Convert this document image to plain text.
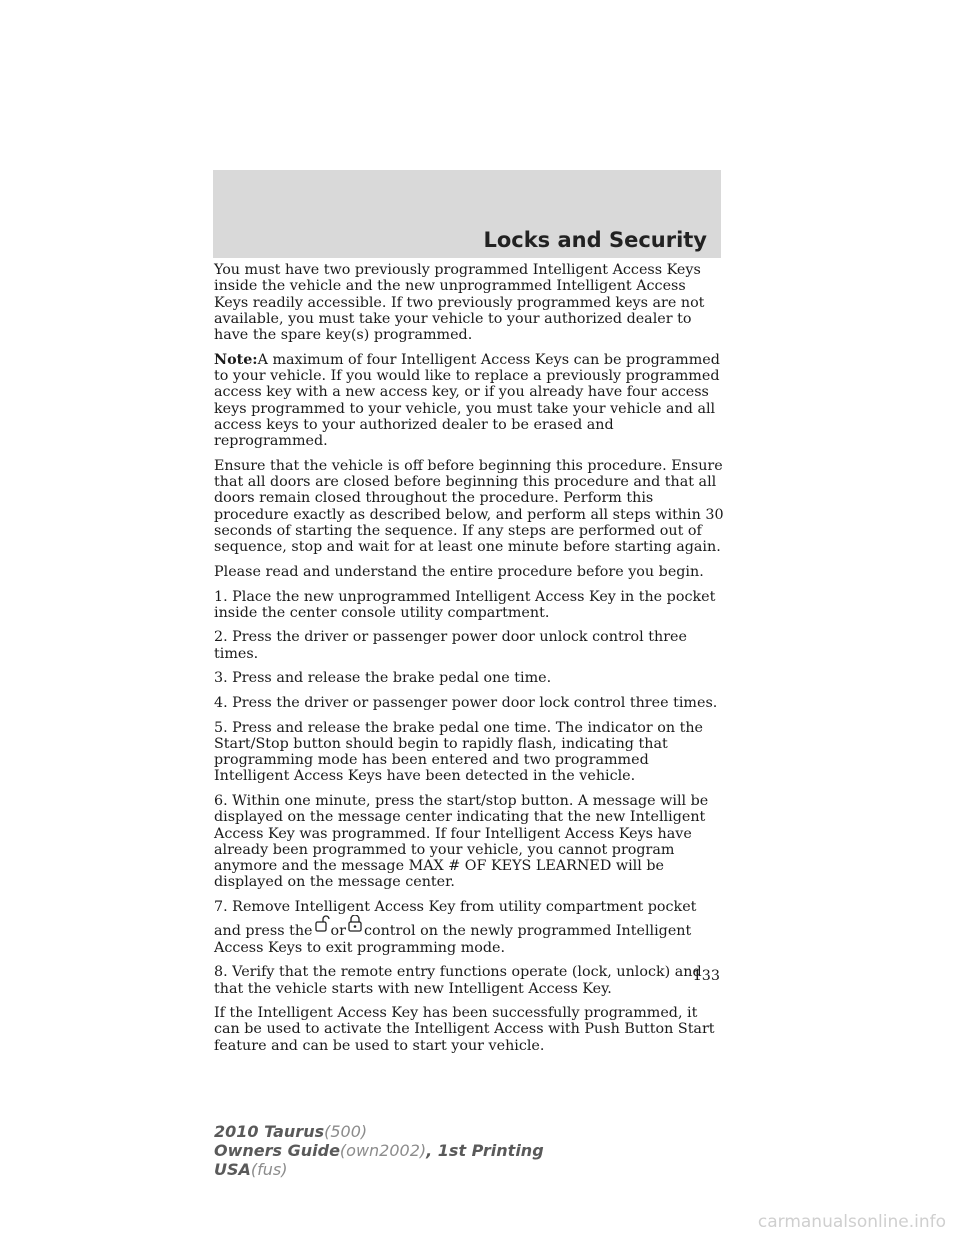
Locks and Security

You must have two previously programmed Intelligent Access Keys inside the vehicle and the new unprogrammed Intelligent Access Keys readily accessible. If two previously programmed keys are not available, you must take your vehicle to your authorized dealer to have the spare key(s) programmed.

Note:A maximum of four Intelligent Access Keys can be programmed to your vehicle. If you would like to replace a previously programmed access key with a new access key, or if you already have four access keys programmed to your vehicle, you must take your vehicle and all access keys to your authorized dealer to be erased and reprogrammed.

Ensure that the vehicle is off before beginning this procedure. Ensure that all doors are closed before beginning this procedure and that all doors remain closed throughout the procedure. Perform this procedure exactly as described below, and perform all steps within 30 seconds of starting the sequence. If any steps are performed out of sequence, stop and wait for at least one minute before starting again.

Please read and understand the entire procedure before you begin.

1. Place the new unprogrammed Intelligent Access Key in the pocket inside the center console utility compartment.

2. Press the driver or passenger power door unlock control three times.

3. Press and release the brake pedal one time.

4. Press the driver or passenger power door lock control three times.

5. Press and release the brake pedal one time. The indicator on the Start/Stop button should begin to rapidly flash, indicating that programming mode has been entered and two programmed Intelligent Access Keys have been detected in the vehicle.

6. Within one minute, press the start/stop button. A message will be displayed on the message center indicating that the new Intelligent Access Key was programmed. If four Intelligent Access Keys have already been programmed to your vehicle, you cannot program anymore and the message MAX # OF KEYS LEARNED will be displayed on the message center.

7. Remove Intelligent Access Key from utility compartment pocket and press the or control on the newly programmed Intelligent Access Keys to exit programming mode.

8. Verify that the remote entry functions operate (lock, unlock) and that the vehicle starts with new Intelligent Access Key.

If the Intelligent Access Key has been successfully programmed, it can be used to activate the Intelligent Access with Push Button Start feature and can be used to start your vehicle.

133
2010 Taurus(500)
Owners Guide(own2002), 1st Printing
USA(fus)
carmanualsonline.info
